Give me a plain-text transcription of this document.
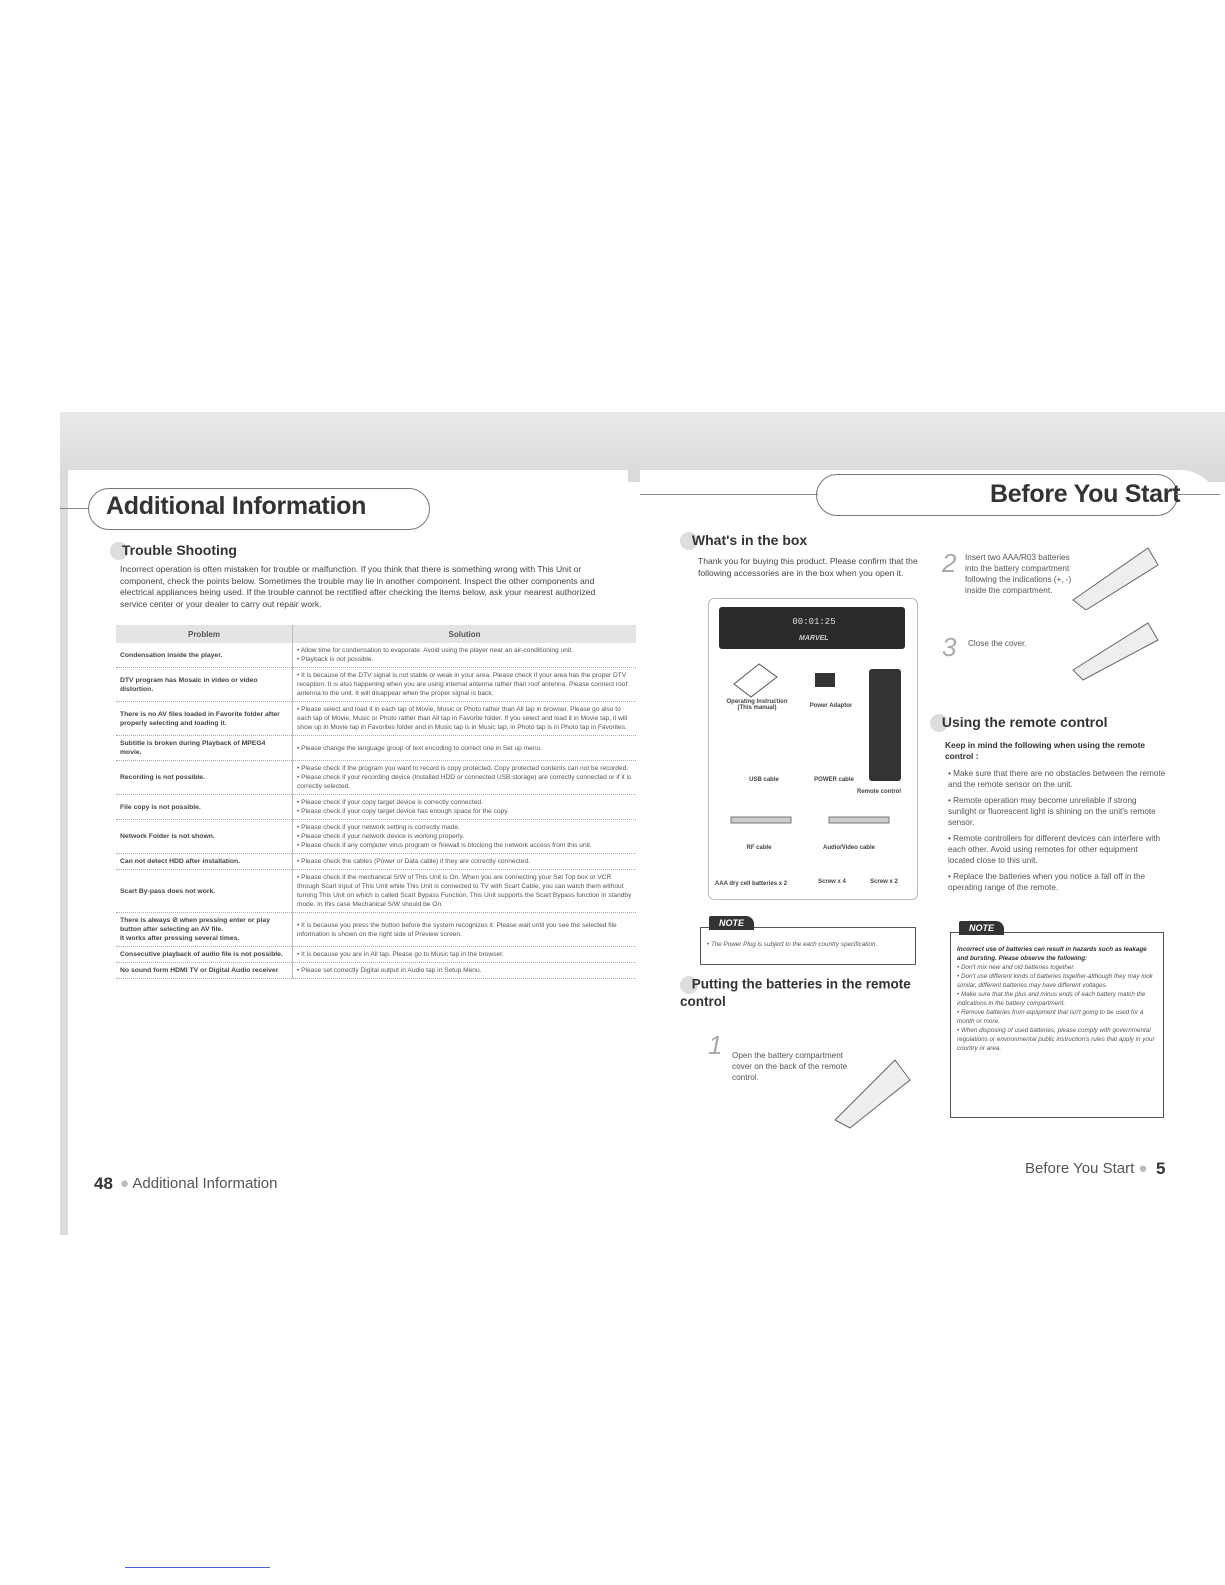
Additional Information
Trouble Shooting
Incorrect operation is often mistaken for trouble or malfunction. If you think that there is something wrong with This Unit or component, check the points below. Sometimes the trouble may lie in another component. Inspect the other components and electrical appliances being used. If the trouble cannot be rectified after checking the items below, ask your nearest authorized service center or your dealer to carry out repair work.
Problem	Solution
Condensation inside the player.	• Allow time for condensation to evaporate. Avoid using the player near an air-conditioning unit.
• Playback is not possible.
DTV program has Mosaic in video or video distortion.	• It is because of the DTV signal is not stable or weak in your area. Please check if your area has the proper DTV reception. It is also happening when you are using internal antenna rather than roof antenna. Please connect roof antenna to the unit. It will disappear when the proper signal is back.
There is no AV files loaded in Favorite folder after properly selecting and loading it.	• Please select and load it in each tap of Movie, Music or Photo rather than All tap in browser. Please go also to each tap of Movie, Music or Photo rather than All tap in Favorite folder. If you select and load it in Movie tap, it will show up in Movie tap in Favorites folder and in Music tap is in Music tap, in Photo tap is in Photo tap in Favorites.
Subtitle is broken during Playback of MPEG4 movie.	• Please change the language group of text encoding to correct one in Set up menu.
Recording is not possible.	• Please check if the program you want to record is copy protected. Copy protected contents can not be recorded.
• Please check if your recording device (Installed HDD or connected USB storage) are correctly connected or if it is correctly selected.
File copy is not possible.	• Please check if your copy target device is correctly connected.
• Please check if your copy target device has enough space for the copy.
Network Folder is not shown.	• Please check if your network setting is correctly made.
• Please check if your network device is working properly.
• Please check if any computer virus program or firewall is blocking the network access from this unit.
Can not detect HDD after installation.	• Please check the cables (Power or Data cable) if they are correctly connected.
Scart By-pass does not work.	• Please check if the mechanical S/W of This Unit is On. When you are connecting your Set Top box or VCR through Scart input of This Unit while This Unit is connected to TV with Scart Cable, you can watch them without turning This Unit on which is called Scart Bypass Function. This Unit supports the Scart Bypass function in standby mode. In this case Mechanical S/W should be On.
There is always ⊘ when pressing enter or play button after selecting an AV file.
It works after pressing several times.	• It is because you press the button before the system recognizes it. Please wait until you see the selected file information is shown on the right side of Preview screen.
Consecutive playback of audio file is not possible.	• It is because you are in All tap. Please go to Music tap in the browser.
No sound form HDMI TV or Digital Audio receiver	• Please set correctly Digital output in Audio tap in Setup Menu.
48 ● Additional Information
Before You Start
What's in the box
Thank you for buying this product. Please confirm that the following accessories are in the box when you open it.
00:01:25
MARVEL
Operating Instruction
(This manual)	Power Adaptor
USB cable	POWER cable
Remote control
RF cable	Audio/Video cable
AAA dry cell batteries x 2	Screw x 4	Screw x 2
NOTE
• The Power Plug is subject to the each country specification.
Putting the batteries in the remote control
1 Open the battery compartment cover on the back of the remote control.
2 Insert two AAA/R03 batteries into the battery compartment following the indications (+, -) inside the compartment.
3 Close the cover.
Using the remote control
Keep in mind the following when using the remote control :
• Make sure that there are no obstacles between the remote and the remote sensor on the unit.
• Remote operation may become unreliable if strong sunlight or fluorescent light is shining on the unit's remote sensor.
• Remote controllers for different devices can interfere with each other. Avoid using remotes for other equipment located close to this unit.
• Replace the batteries when you notice a fall off in the operating range of the remote.
NOTE
Incorrect use of batteries can result in hazards such as leakage and bursting. Please observe the following:
• Don't mix new and old batteries together.
• Don't use different kinds of batteries together-although they may look similar, different batteries may have different voltages.
• Make sure that the plus and minus ends of each battery match the indications in the battery compartment.
• Remove batteries from equipment that isn't going to be used for a month or more.
• When disposing of used batteries, please comply with governmental regulations or environmental public instruction's rules that apply in your country or area.
Before You Start ● 5
